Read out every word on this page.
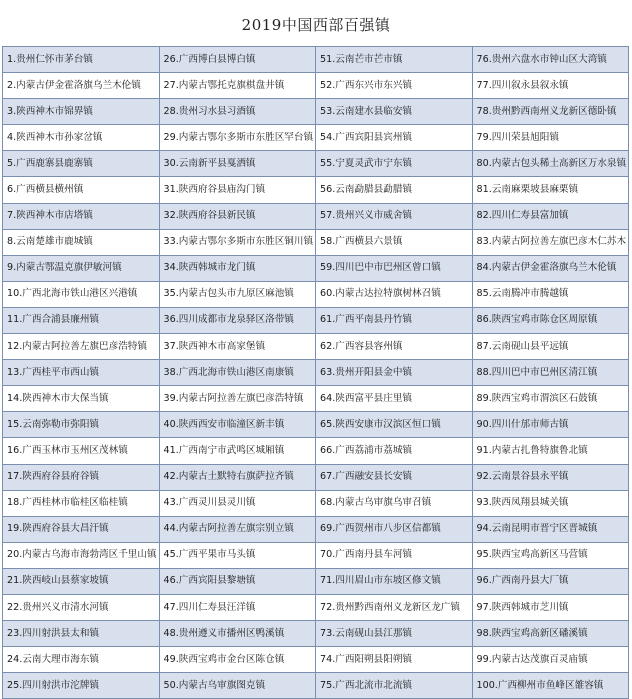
2019中国西部百强镇
1.贵州仁怀市茅台镇	26.广西博白县博白镇	51.云南芒市芒市镇	76.贵州六盘水市钟山区大湾镇
2.内蒙古伊金霍洛旗乌兰木伦镇	27.内蒙古鄂托克旗棋盘井镇	52.广西东兴市东兴镇	77.四川叙永县叙永镇
3.陕西神木市锦界镇	28.贵州习水县习酒镇	53.云南建水县临安镇	78.贵州黔西南州义龙新区德卧镇
4.陕西神木市孙家岔镇	29.内蒙古鄂尔多斯市东胜区罕台镇	54.广西宾阳县宾州镇	79.四川荣县旭阳镇
5.广西鹿寨县鹿寨镇	30.云南新平县戛洒镇	55.宁夏灵武市宁东镇	80.内蒙古包头稀土高新区万水泉镇
6.广西横县横州镇	31.陕西府谷县庙沟门镇	56.云南勐腊县勐腊镇	81.云南麻栗坡县麻栗镇
7.陕西神木市店塔镇	32.陕西府谷县新民镇	57.贵州兴义市威舍镇	82.四川仁寿县富加镇
8.云南楚雄市鹿城镇	33.内蒙古鄂尔多斯市东胜区铜川镇	58.广西横县六景镇	83.内蒙古阿拉善左旗巴彦木仁苏木
9.内蒙古鄂温克旗伊敏河镇	34.陕西韩城市龙门镇	59.四川巴中市巴州区曾口镇	84.内蒙古伊金霍洛旗乌兰木伦镇
10.广西北海市铁山港区兴港镇	35.内蒙古包头市九原区麻池镇	60.内蒙古达拉特旗树林召镇	85.云南腾冲市腾越镇
11.广西合浦县廉州镇	36.四川成都市龙泉驿区洛带镇	61.广西平南县丹竹镇	86.陕西宝鸡市陈仓区周原镇
12.内蒙古阿拉善左旗巴彦浩特镇	37.陕西神木市高家堡镇	62.广西容县容州镇	87.云南砚山县平远镇
13.广西桂平市西山镇	38.广西北海市铁山港区南康镇	63.贵州开阳县金中镇	88.四川巴中市巴州区清江镇
14.陕西神木市大保当镇	39.内蒙古阿拉善左旗巴彦浩特镇	64.陕西富平县庄里镇	89.陕西宝鸡市渭滨区石鼓镇
15.云南弥勒市弥阳镇	40.陕西西安市临潼区新丰镇	65.陕西安康市汉滨区恒口镇	90.四川什邡市师古镇
16.广西玉林市玉州区茂林镇	41.广西南宁市武鸣区城厢镇	66.广西荔浦市荔城镇	91.内蒙古扎鲁特旗鲁北镇
17.陕西府谷县府谷镇	42.内蒙古土默特右旗萨拉齐镇	67.广西融安县长安镇	92.云南景谷县永平镇
18.广西桂林市临桂区临桂镇	43.广西灵川县灵川镇	68.内蒙古乌审旗乌审召镇	93.陕西凤翔县城关镇
19.陕西府谷县大昌汗镇	44.内蒙古阿拉善左旗宗别立镇	69.广西贺州市八步区信都镇	94.云南昆明市晋宁区晋城镇
20.内蒙古乌海市海勃湾区千里山镇	45.广西平果市马头镇	70.广西南丹县车河镇	95.陕西宝鸡高新区马营镇
21.陕西岐山县蔡家坡镇	46.广西宾阳县黎塘镇	71.四川眉山市东坡区修文镇	96.广西南丹县大厂镇
22.贵州兴义市清水河镇	47.四川仁寿县汪洋镇	72.贵州黔西南州义龙新区龙广镇	97.陕西韩城市芝川镇
23.四川射洪县太和镇	48.贵州遵义市播州区鸭溪镇	73.云南砚山县江那镇	98.陕西宝鸡高新区磻溪镇
24.云南大理市海东镇	49.陕西宝鸡市金台区陈仓镇	74.广西阳朔县阳朔镇	99.内蒙古达茂旗百灵庙镇
25.四川射洪市沱牌镇	50.内蒙古乌审旗图克镇	75.广西北流市北流镇	100.广西柳州市鱼峰区雒容镇
